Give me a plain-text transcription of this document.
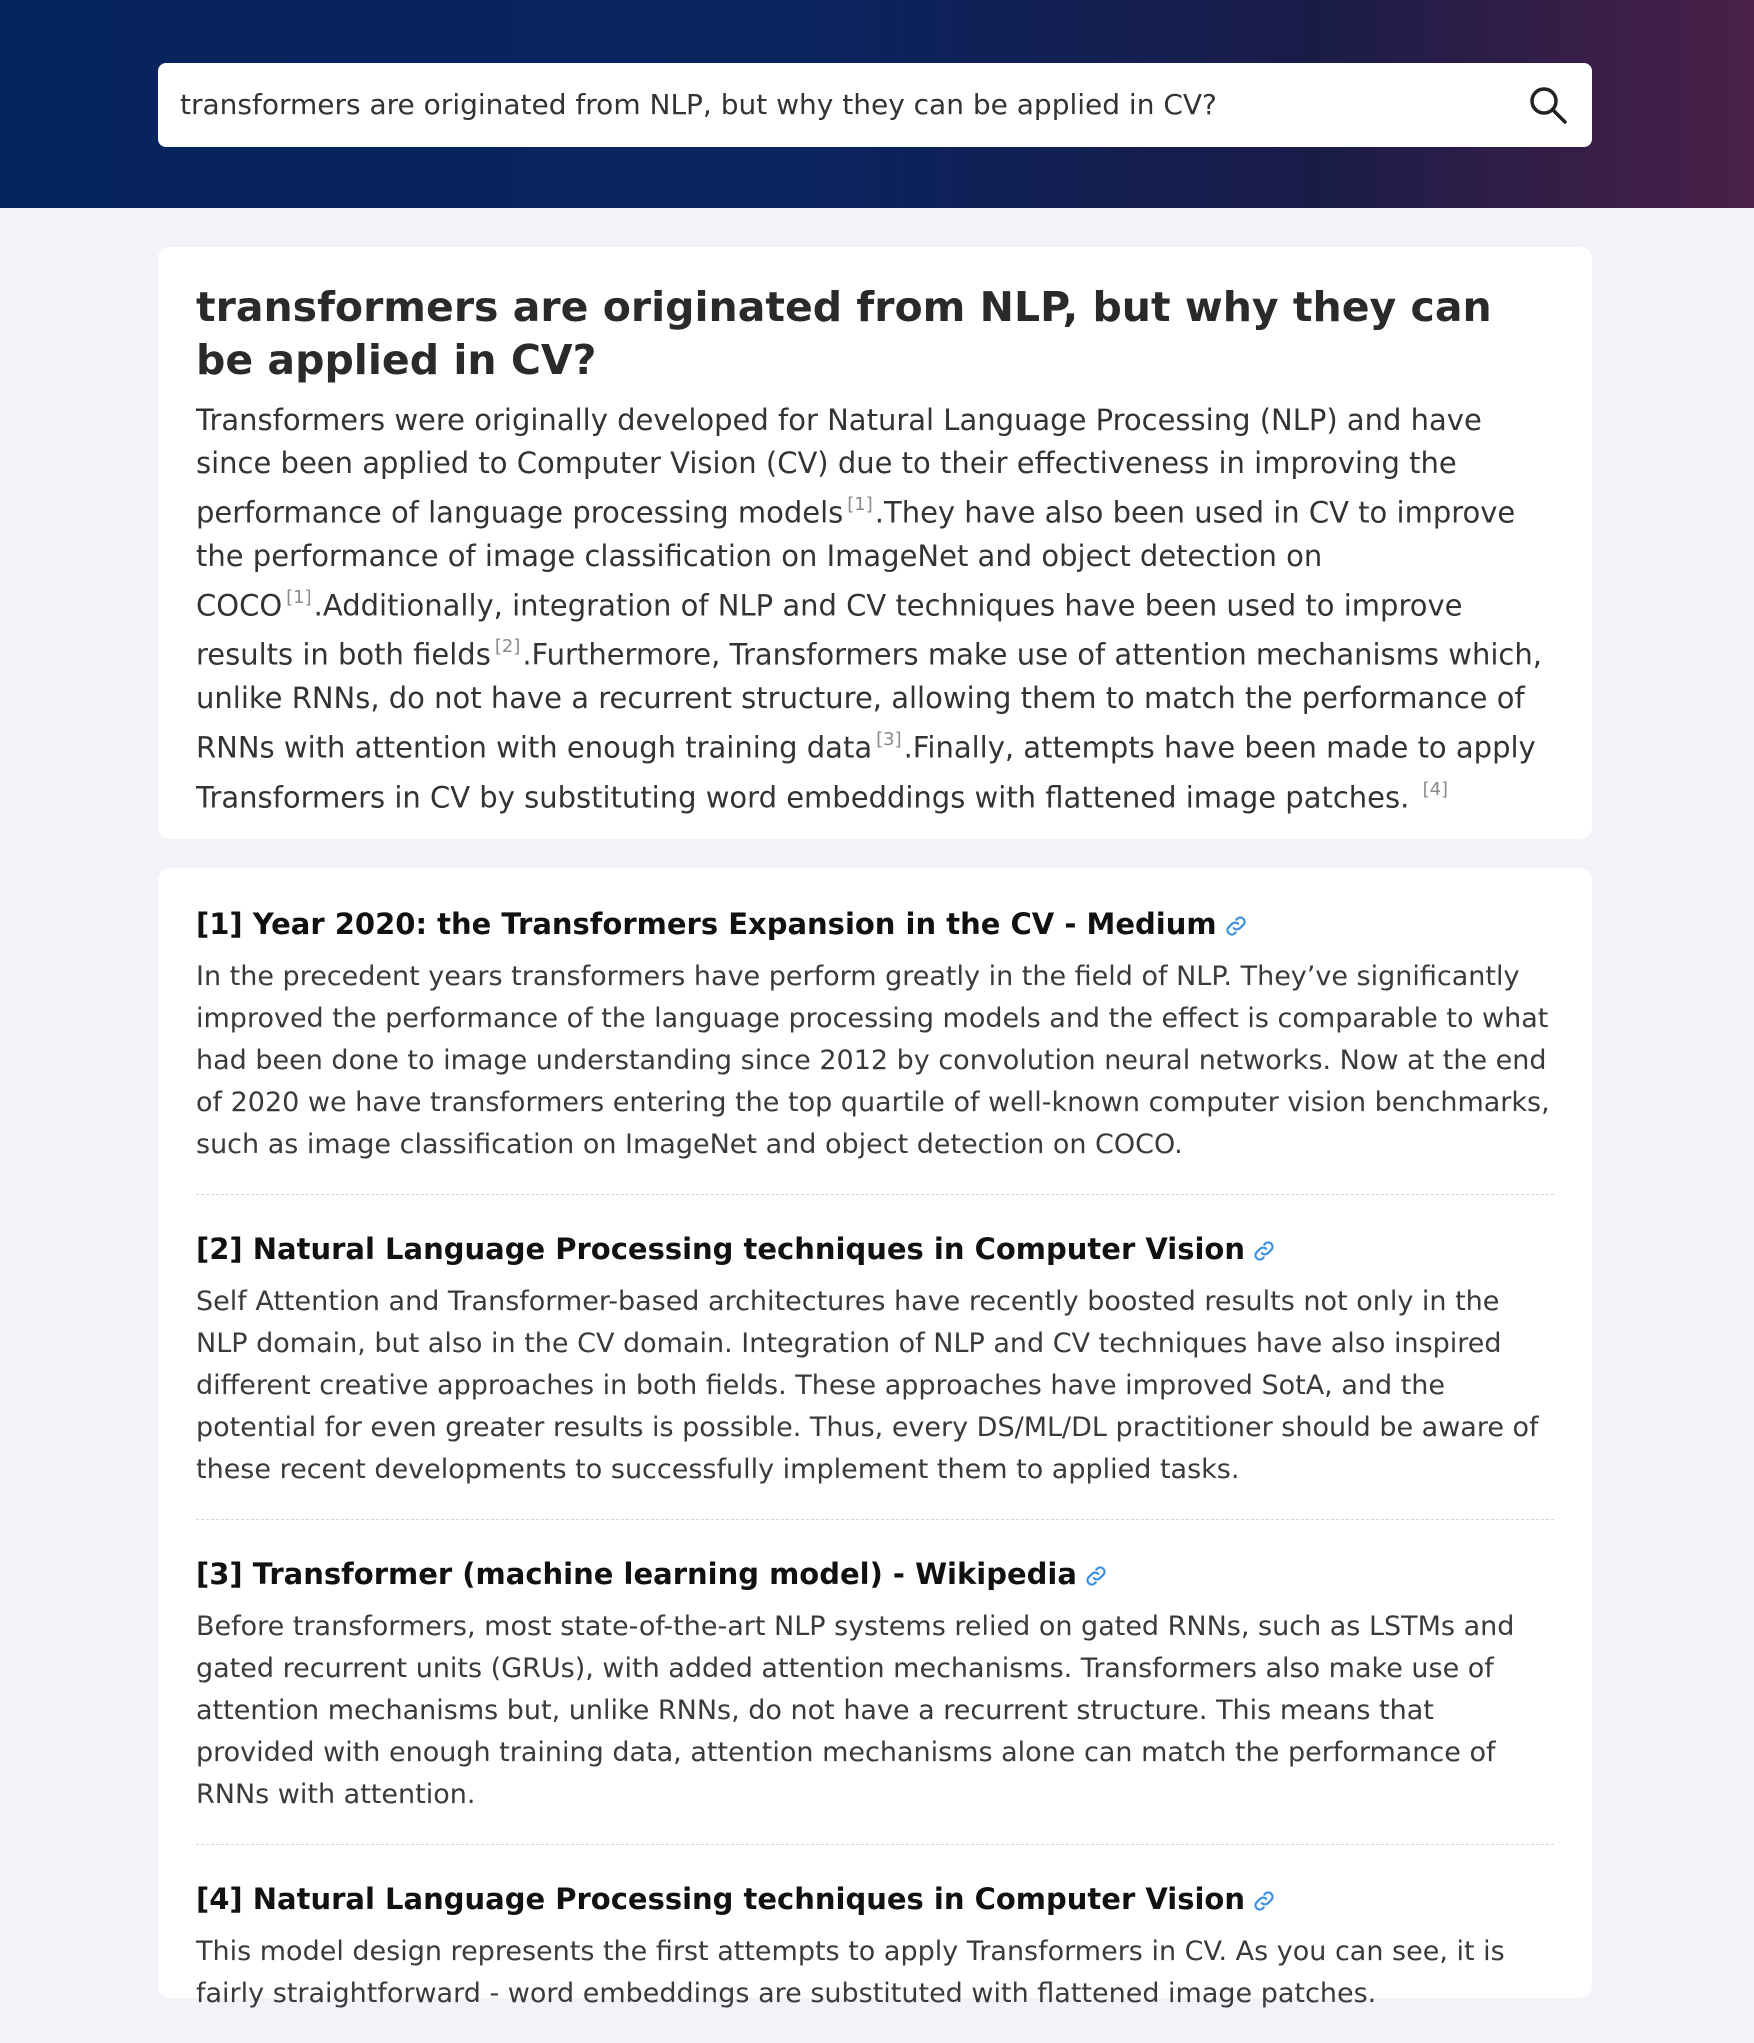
transformers are originated from NLP, but why they can be applied in CV?
transformers are originated from NLP, but why they can be applied in CV?

Transformers were originally developed for Natural Language Processing (NLP) and have since been applied to Computer Vision (CV) due to their effectiveness in improving the performance of language processing models [1].They have also been used in CV to improve the performance of image classification on ImageNet and object detection on COCO [1].Additionally, integration of NLP and CV techniques have been used to improve results in both fields [2].Furthermore, Transformers make use of attention mechanisms which, unlike RNNs, do not have a recurrent structure, allowing them to match the performance of RNNs with attention with enough training data [3].Finally, attempts have been made to apply Transformers in CV by substituting word embeddings with flattened image patches. [4]

[1] Year 2020: the Transformers Expansion in the CV - Medium

In the precedent years transformers have perform greatly in the field of NLP. They’ve significantly improved the performance of the language processing models and the effect is comparable to what had been done to image understanding since 2012 by convolution neural networks. Now at the end of 2020 we have transformers entering the top quartile of well-known computer vision benchmarks, such as image classification on ImageNet and object detection on COCO.

[2] Natural Language Processing techniques in Computer Vision

Self Attention and Transformer-based architectures have recently boosted results not only in the NLP domain, but also in the CV domain. Integration of NLP and CV techniques have also inspired different creative approaches in both fields. These approaches have improved SotA, and the potential for even greater results is possible. Thus, every DS/ML/DL practitioner should be aware of these recent developments to successfully implement them to applied tasks.

[3] Transformer (machine learning model) - Wikipedia

Before transformers, most state-of-the-art NLP systems relied on gated RNNs, such as LSTMs and gated recurrent units (GRUs), with added attention mechanisms. Transformers also make use of attention mechanisms but, unlike RNNs, do not have a recurrent structure. This means that provided with enough training data, attention mechanisms alone can match the performance of RNNs with attention.

[4] Natural Language Processing techniques in Computer Vision

This model design represents the first attempts to apply Transformers in CV. As you can see, it is fairly straightforward - word embeddings are substituted with flattened image patches.
